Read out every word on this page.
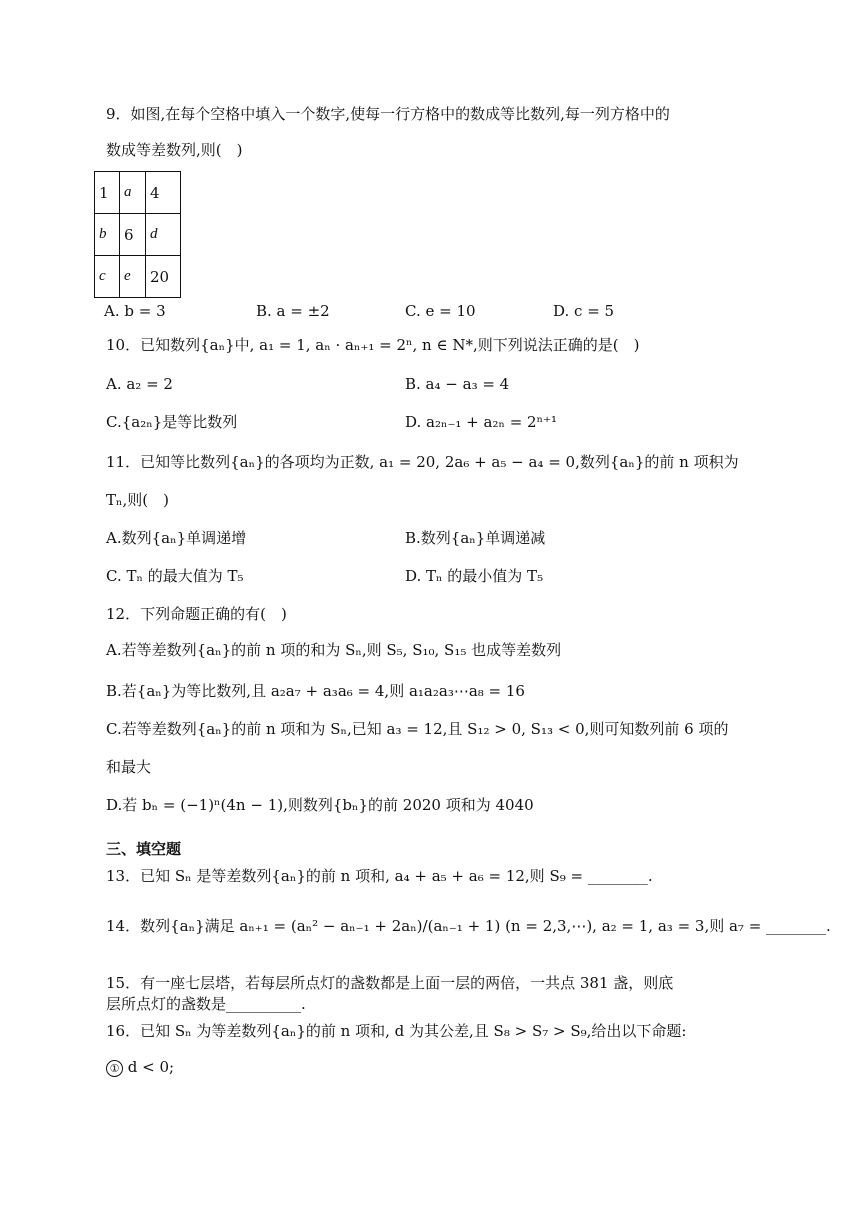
9．如图,在每个空格中填入一个数字,使每一行方格中的数成等比数列,每一列方格中的
数成等差数列,则(　)
1	a	4
b	6	d
c	e	20
A. b = 3	B. a = ±2	C. e = 10	D. c = 5
10．已知数列{aₙ}中, a₁ = 1, aₙ · aₙ₊₁ = 2ⁿ, n ∈ N*,则下列说法正确的是(　)
A. a₂ = 2	B. a₄ − a₃ = 4
C.{a₂ₙ}是等比数列	D. a₂ₙ₋₁ + a₂ₙ = 2ⁿ⁺¹
11．已知等比数列{aₙ}的各项均为正数, a₁ = 20, 2a₆ + a₅ − a₄ = 0,数列{aₙ}的前 n 项积为
Tₙ,则(　)
A.数列{aₙ}单调递增	B.数列{aₙ}单调递减
C. Tₙ 的最大值为 T₅	D. Tₙ 的最小值为 T₅
12．下列命题正确的有(　)
A.若等差数列{aₙ}的前 n 项的和为 Sₙ,则 S₅, S₁₀, S₁₅ 也成等差数列
B.若{aₙ}为等比数列,且 a₂a₇ + a₃a₆ = 4,则 a₁a₂a₃⋯a₈ = 16
C.若等差数列{aₙ}的前 n 项和为 Sₙ,已知 a₃ = 12,且 S₁₂ > 0, S₁₃ < 0,则可知数列前 6 项的
和最大
D.若 bₙ = (−1)ⁿ(4n − 1),则数列{bₙ}的前 2020 项和为 4040
三、填空题
13．已知 Sₙ 是等差数列{aₙ}的前 n 项和, a₄ + a₅ + a₆ = 12,则 S₉ = ________.
14．数列{aₙ}满足 aₙ₊₁ = (aₙ² − aₙ₋₁ + 2aₙ)/(aₙ₋₁ + 1) (n = 2,3,⋯), a₂ = 1, a₃ = 3,则 a₇ = ________.
15．有一座七层塔，若每层所点灯的盏数都是上面一层的两倍，一共点 381 盏，则底
层所点灯的盏数是__________.
16．已知 Sₙ 为等差数列{aₙ}的前 n 项和, d 为其公差,且 S₈ > S₇ > S₉,给出以下命题:
① d < 0;
